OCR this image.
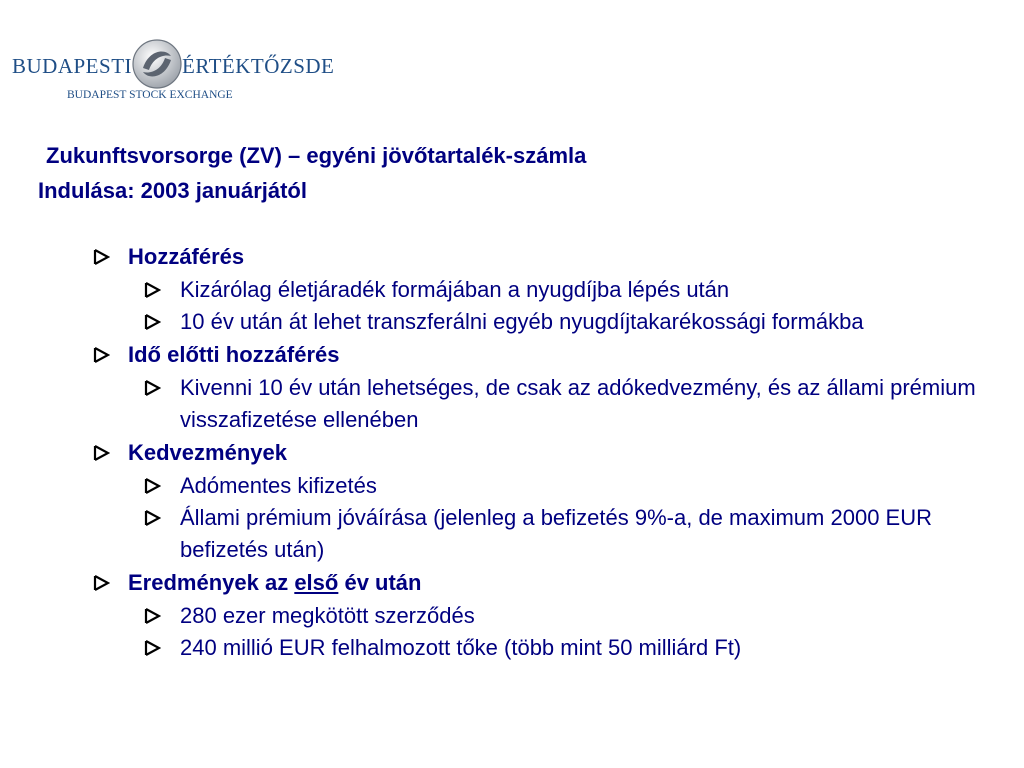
BUDAPESTI ÉRTÉKTŐZSDE
BUDAPEST STOCK EXCHANGE
Zukunftsvorsorge (ZV) – egyéni jövőtartalék-számla
Indulása: 2003 januárjától
Hozzáférés
Kizárólag életjáradék formájában a nyugdíjba lépés után
10 év után át lehet transzferálni egyéb nyugdíjtakarékossági formákba
Idő előtti hozzáférés
Kivenni 10 év után lehetséges, de csak az adókedvezmény, és az állami prémium visszafizetése ellenében
Kedvezmények
Adómentes kifizetés
Állami prémium jóváírása (jelenleg a befizetés 9%-a, de maximum 2000 EUR befizetés után)
Eredmények az első év után
280 ezer megkötött szerződés
240 millió EUR felhalmozott tőke (több mint 50 milliárd Ft)
